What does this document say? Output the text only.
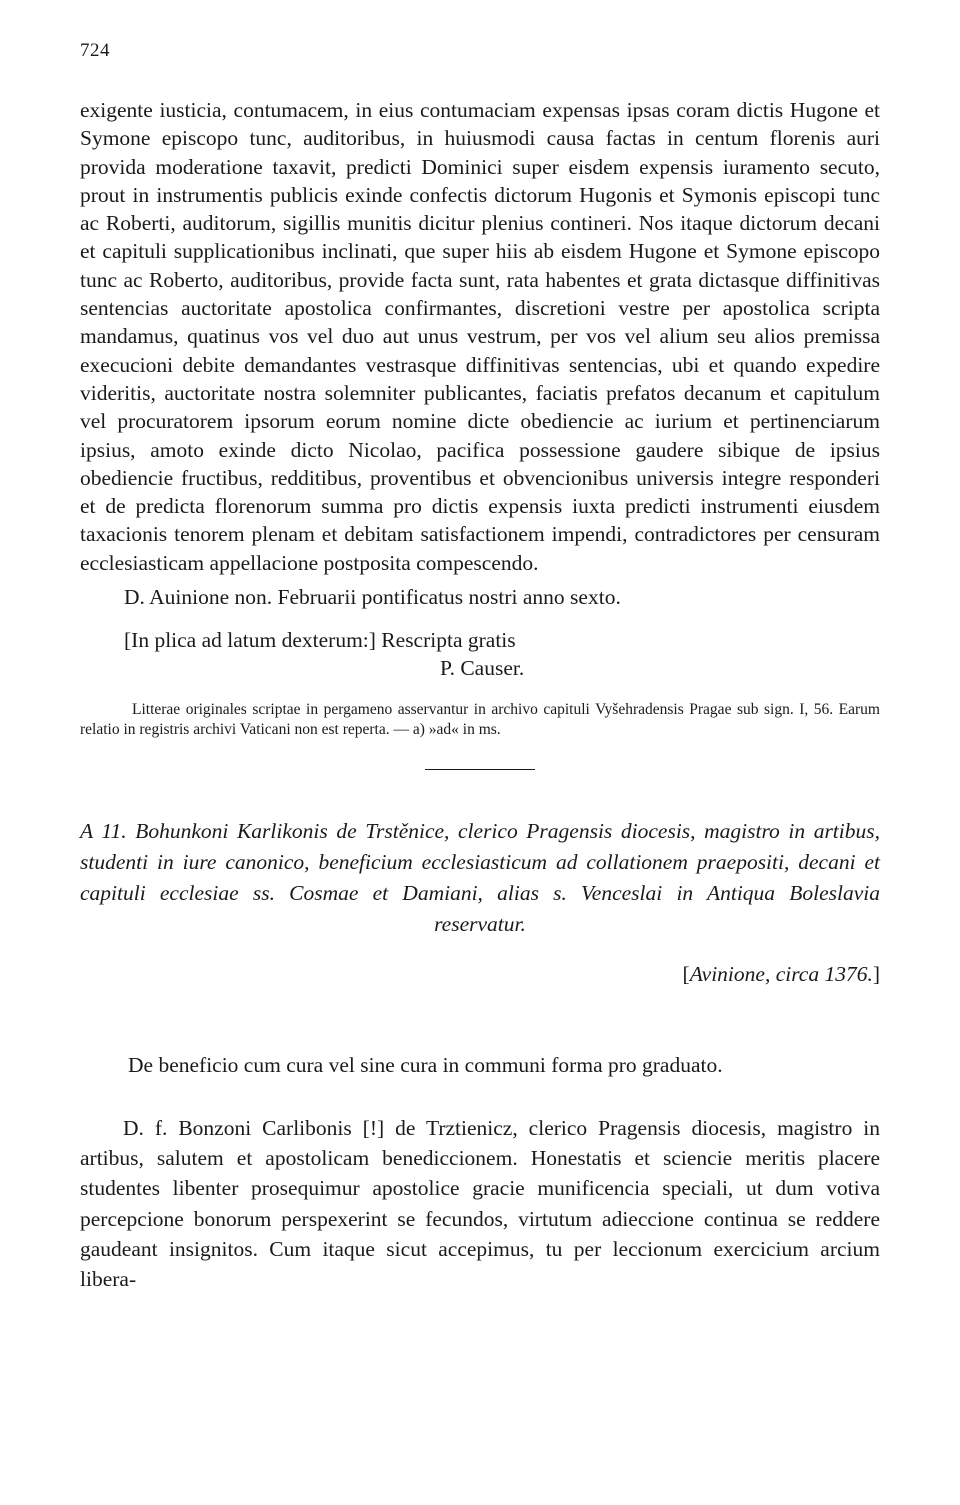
724

exigente iusticia, contumacem, in eius contumaciam expensas ipsas coram dictis Hugone et Symone episcopo tunc, auditoribus, in huiusmodi causa factas in centum florenis auri provida moderatione taxavit, predicti Dominici super eisdem expensis iuramento secuto, prout in instrumentis publicis exinde confectis dictorum Hugonis et Symonis episcopi tunc ac Roberti, auditorum, sigillis munitis dicitur plenius contineri. Nos itaque dictorum decani et capituli supplicationibus inclinati, que super hiis ab eisdem Hugone et Symone episcopo tunc ac Roberto, auditoribus, provide facta sunt, rata habentes et grata dictasque diffinitivas sentencias auctoritate apostolica confirmantes, discretioni vestre per apostolica scripta mandamus, quatinus vos vel duo aut unus vestrum, per vos vel alium seu alios premissa execucioni debite demandantes vestrasque diffinitivas sentencias, ubi et quando expedire videritis, auctoritate nostra solemniter publicantes, faciatis prefatos decanum et capitulum vel procuratorem ipsorum eorum nomine dicte obediencie ac iurium et pertinenciarum ipsius, amoto exinde dicto Nicolao, pacifica possessione gaudere sibique de ipsius obediencie fructibus, redditibus, proventibus et obvencionibus universis integre responderi et de predicta florenorum summa pro dictis expensis iuxta predicti instrumenti eiusdem taxacionis tenorem plenam et debitam satisfactionem impendi, contradictores per censuram ecclesiasticam appellacione postposita compescendo.

D. Auinione non. Februarii pontificatus nostri anno sexto.
[In plica ad latum dexterum:] Rescripta gratis
P. Causer.

Litterae originales scriptae in pergameno asservantur in archivo capituli Vyšehradensis Pragae sub sign. I, 56. Earum relatio in registris archivi Vaticani non est reperta. — a) »ad« in ms.

A 11. Bohunkoni Karlikonis de Trstěnice, clerico Pragensis diocesis, magistro in artibus, studenti in iure canonico, beneficium ecclesiasticum ad collationem praepositi, decani et capituli ecclesiae ss. Cosmae et Damiani, alias s. Venceslai in Antiqua Boleslavia reservatur.

[Avinione, circa 1376.]
De beneficio cum cura vel sine cura in communi forma pro graduato.

D. f. Bonzoni Carlibonis [!] de Trztienicz, clerico Pragensis diocesis, magistro in artibus, salutem et apostolicam benediccionem. Honestatis et sciencie meritis placere studentes libenter prosequimur apostolice gracie munificencia speciali, ut dum votiva percepcione bonorum perspexerint se fecundos, virtutum adieccione continua se reddere gaudeant insignitos. Cum itaque sicut accepimus, tu per leccionum exercicium arcium libera-
